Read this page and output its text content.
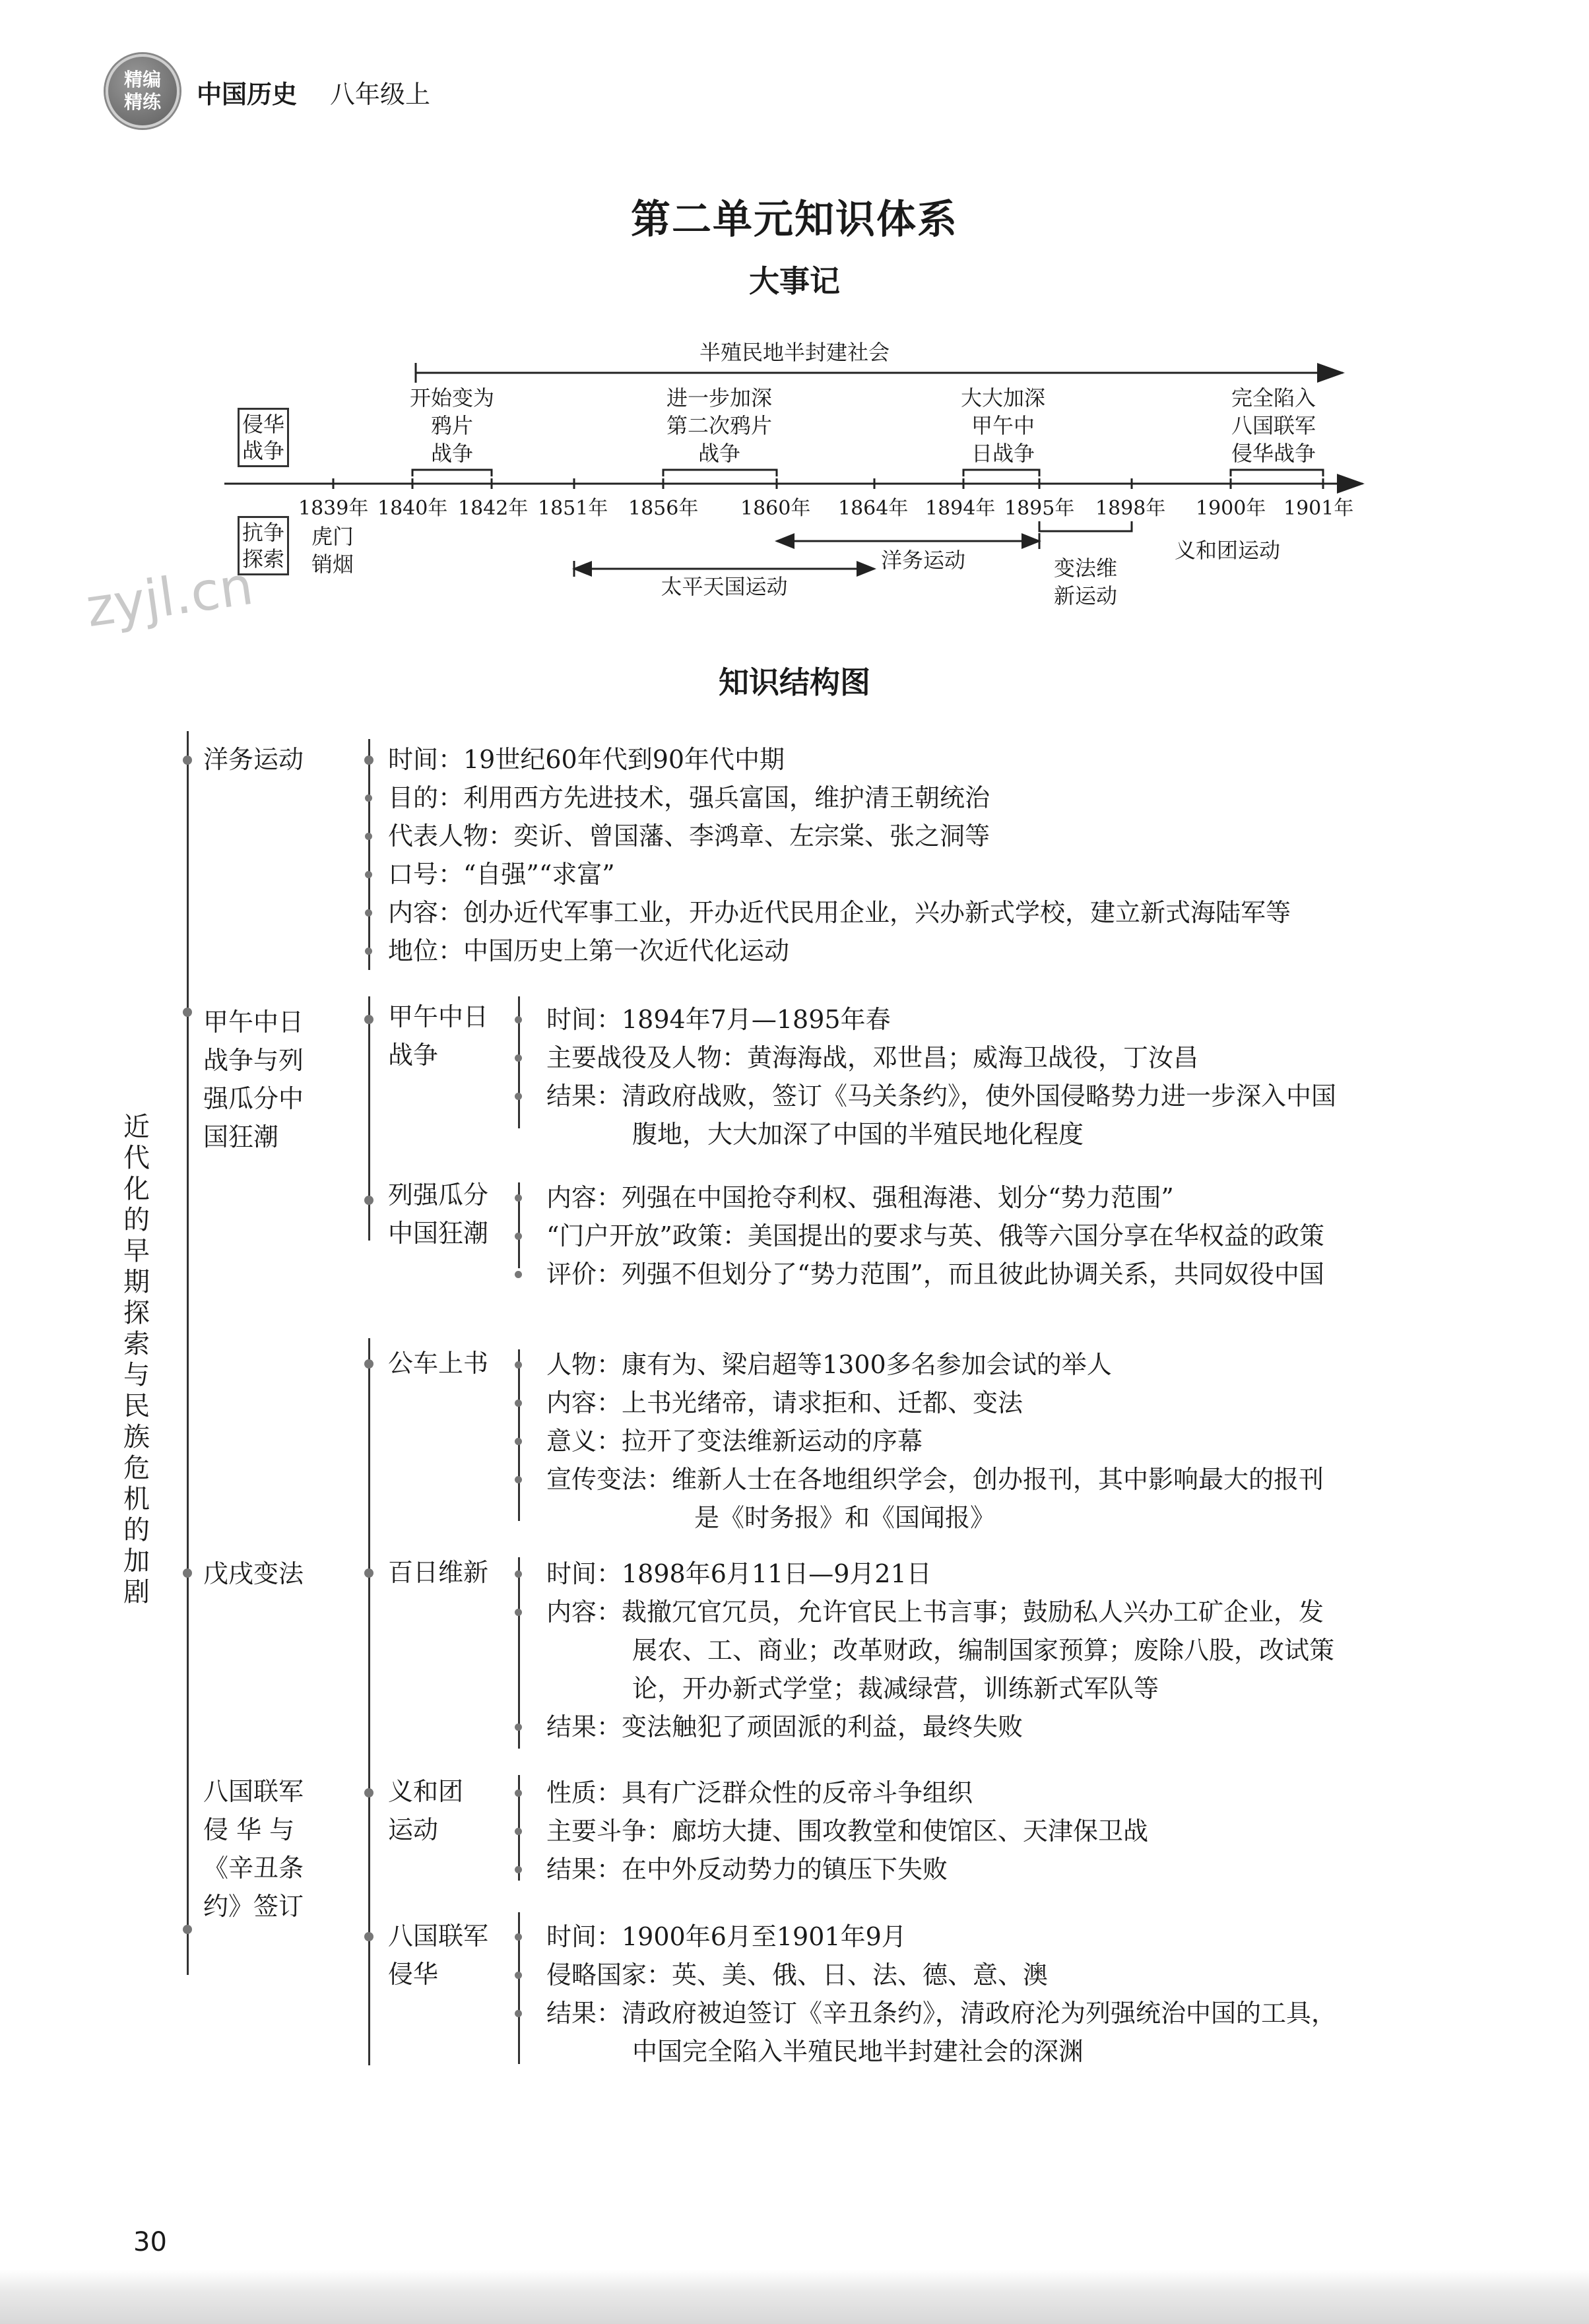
精编
精练 中国历史 八年级上
第二单元知识体系
大事记
半殖民地半封建社会
侵华
战争
抗争
探索
开始变为
鸦片
战争
进一步加深
第二次鸦片
战争
大大加深
甲午中
日战争
完全陷入
八国联军
侵华战争
1839年 1840年 1842年 1851年 1856年 1860年 1864年 1894年 1895年 1898年 1900年 1901年
虎门
销烟
太平天国运动
洋务运动	变法维
新运动
义和团运动
zyjl.cn
知识结构图
近代化的早期探索与民族危机的加剧
洋务运动
甲午中日
战争与列
强瓜分中
国狂潮
戊戌变法
八国联军
侵 华 与
《辛丑条
约》签订
甲午中日
战争
列强瓜分
中国狂潮
公车上书
百日维新
义和团
运动
八国联军
侵华
时间：19世纪60年代到90年代中期
目的：利用西方先进技术，强兵富国，维护清王朝统治
代表人物：奕䜣、曾国藩、李鸿章、左宗棠、张之洞等
口号：“自强”“求富”
内容：创办近代军事工业，开办近代民用企业，兴办新式学校，建立新式海陆军等
地位：中国历史上第一次近代化运动
时间：1894年7月—1895年春
主要战役及人物：黄海海战，邓世昌；威海卫战役，丁汝昌
结果：清政府战败，签订《马关条约》，使外国侵略势力进一步深入中国
腹地，大大加深了中国的半殖民地化程度
内容：列强在中国抢夺利权、强租海港、划分“势力范围”
“门户开放”政策：美国提出的要求与英、俄等六国分享在华权益的政策
评价：列强不但划分了“势力范围”，而且彼此协调关系，共同奴役中国
人物：康有为、梁启超等1300多名参加会试的举人
内容：上书光绪帝，请求拒和、迁都、变法
意义：拉开了变法维新运动的序幕
宣传变法：维新人士在各地组织学会，创办报刊，其中影响最大的报刊
是《时务报》和《国闻报》
时间：1898年6月11日—9月21日
内容：裁撤冗官冗员，允许官民上书言事；鼓励私人兴办工矿企业，发
展农、工、商业；改革财政，编制国家预算；废除八股，改试策
论，开办新式学堂；裁减绿营，训练新式军队等
结果：变法触犯了顽固派的利益，最终失败
性质：具有广泛群众性的反帝斗争组织
主要斗争：廊坊大捷、围攻教堂和使馆区、天津保卫战
结果：在中外反动势力的镇压下失败
时间：1900年6月至1901年9月
侵略国家：英、美、俄、日、法、德、意、澳
结果：清政府被迫签订《辛丑条约》，清政府沦为列强统治中国的工具，
中国完全陷入半殖民地半封建社会的深渊
30
